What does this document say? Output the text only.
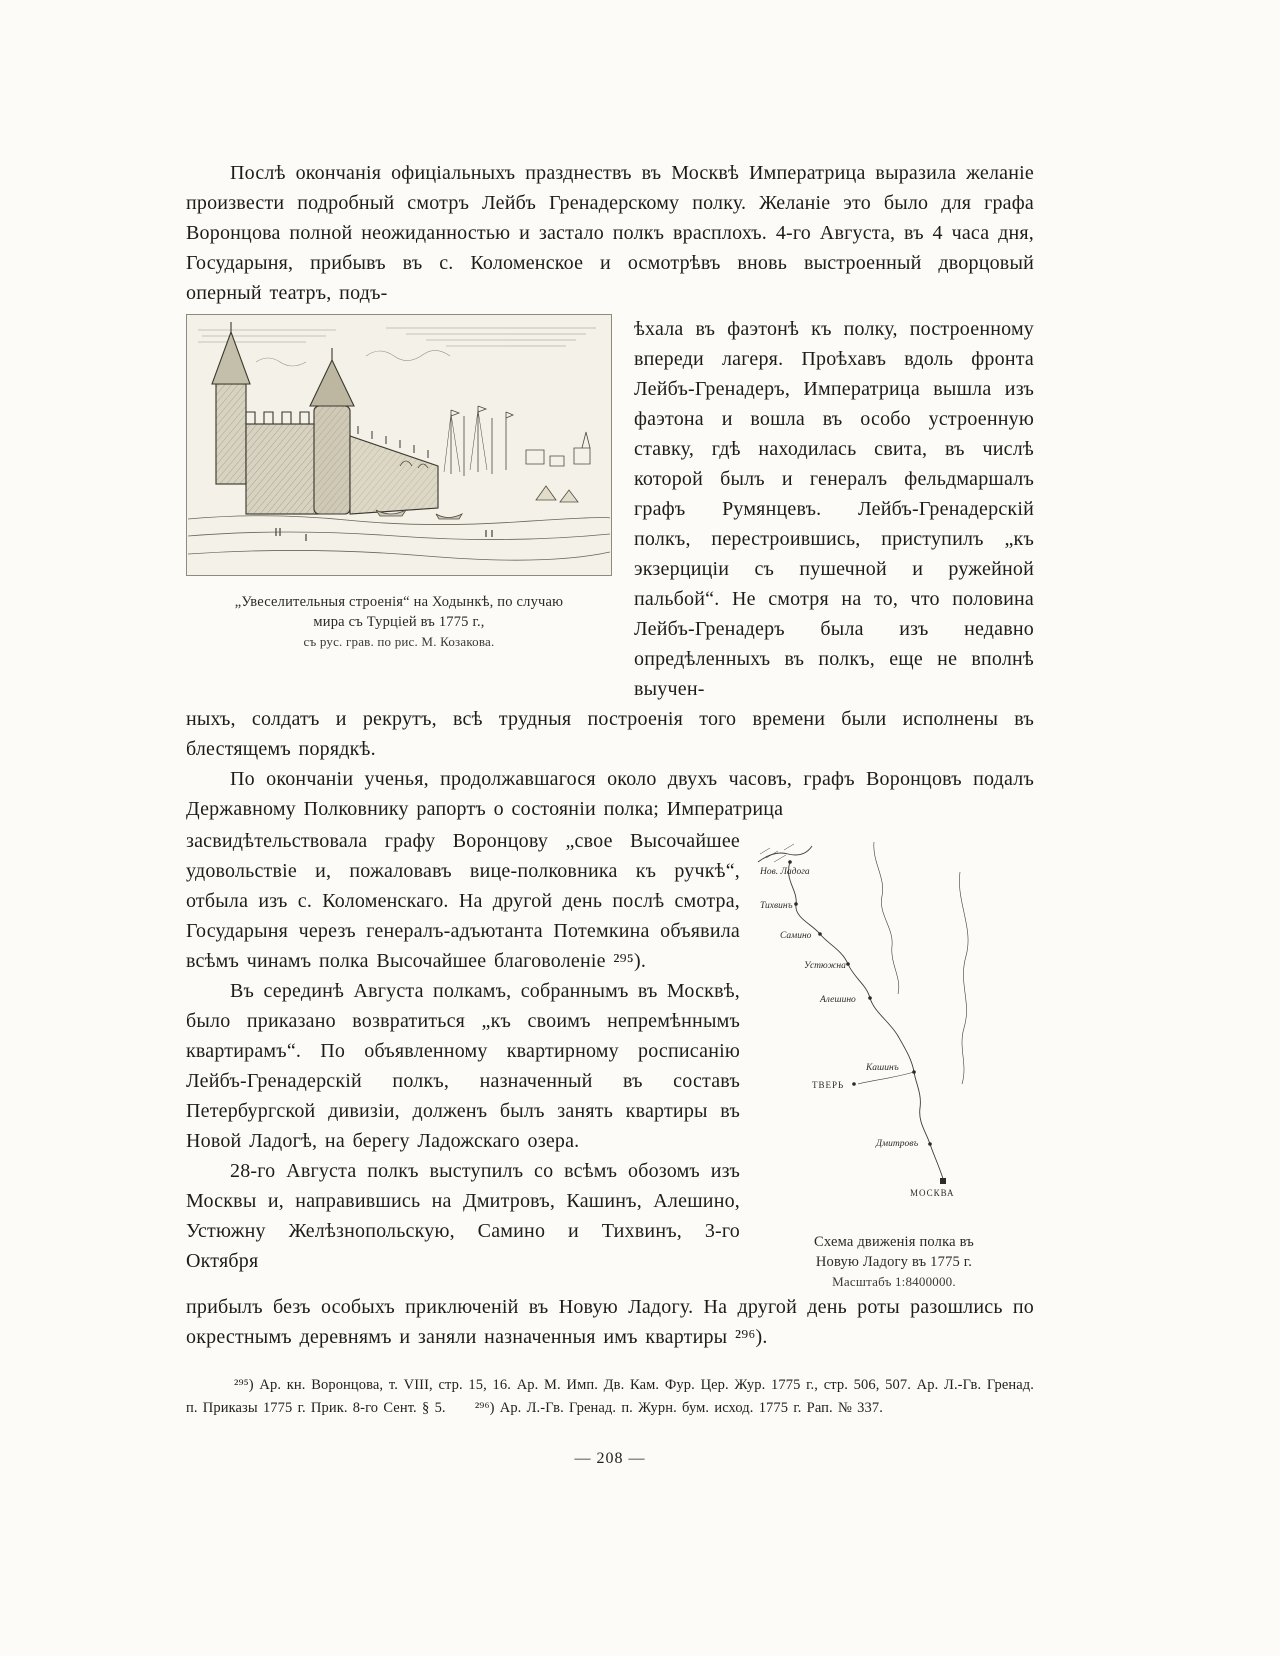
Послѣ окончанія офиціальныхъ празднествъ въ Москвѣ Императрица выразила желаніе произвести подробный смотръ Лейбъ Гренадерскому полку. Желаніе это было для графа Воронцова полной неожиданностью и застало полкъ врасплохъ. 4-го Августа, въ 4 часа дня, Государыня, прибывъ въ с. Коломенское и осмотрѣвъ вновь выстроенный дворцовый оперный театръ, подъ-

„Увеселительныя строенія“ на Ходынкѣ, по случаю
мира съ Турціей въ 1775 г.,
съ рус. грав. по рис. М. Козакова.

ѣхала въ фаэтонѣ къ полку, построенному впереди лагеря. Проѣхавъ вдоль фронта Лейбъ-Гренадеръ, Императрица вышла изъ фаэтона и вошла въ особо устроенную ставку, гдѣ находилась свита, въ числѣ которой былъ и генералъ фельдмаршалъ графъ Румянцевъ. Лейбъ-Гренадерскій полкъ, перестроившись, приступилъ „къ экзерциціи съ пушечной и ружейной пальбой“. Не смотря на то, что половина Лейбъ-Гренадеръ была изъ недавно опредѣленныхъ въ полкъ, еще не вполнѣ выучен-

ныхъ, солдатъ и рекрутъ, всѣ трудныя построенія того времени были исполнены въ блестящемъ порядкѣ.

По окончаніи ученья, продолжавшагося около двухъ часовъ, графъ Воронцовъ подалъ Державному Полковнику рапортъ о состояніи полка; Императрица

засвидѣтельствовала графу Воронцову „свое Высочайшее удовольствіе и, пожаловавъ вице-полковника къ ручкѣ“, отбыла изъ с. Коломенскаго. На другой день послѣ смотра, Государыня черезъ генералъ-адъютанта Потемкина объявила всѣмъ чинамъ полка Высочайшее благоволеніе ²⁹⁵).

Въ серединѣ Августа полкамъ, собраннымъ въ Москвѣ, было приказано возвратиться „къ своимъ непремѣннымъ квартирамъ“. По объявленному квартирному росписанію Лейбъ-Гренадерскій полкъ, назначенный въ составъ Петербургской дивизіи, долженъ былъ занять квартиры въ Новой Ладогѣ, на берегу Ладожскаго озера.

28-го Августа полкъ выступилъ со всѣмъ обозомъ изъ Москвы и, направившись на Дмитровъ, Кашинъ, Алешино, Устюжну Желѣзнопольскую, Самино и Тихвинъ, 3-го Октября

Нов. Ладога
Тихвинъ
Самино
Устюжна
Алешино
Кашинъ
ТВЕРЬ
Дмитровъ
МОСКВА
Схема движенія полка въ
Новую Ладогу въ 1775 г.
Масштабъ 1:8400000.

прибылъ безъ особыхъ приключеній въ Новую Ладогу. На другой день роты разошлись по окрестнымъ деревнямъ и заняли назначенныя имъ квартиры ²⁹⁶).

²⁹⁵) Ар. кн. Воронцова, т. VIII, стр. 15, 16. Ар. М. Имп. Дв. Кам. Фур. Цер. Жур. 1775 г., стр. 506, 507. Ар. Л.-Гв. Гренад. п. Приказы 1775 г. Прик. 8-го Сент. § 5.  ²⁹⁶) Ар. Л.-Гв. Гренад. п. Журн. бум. исход. 1775 г. Рап. № 337.

— 208 —
